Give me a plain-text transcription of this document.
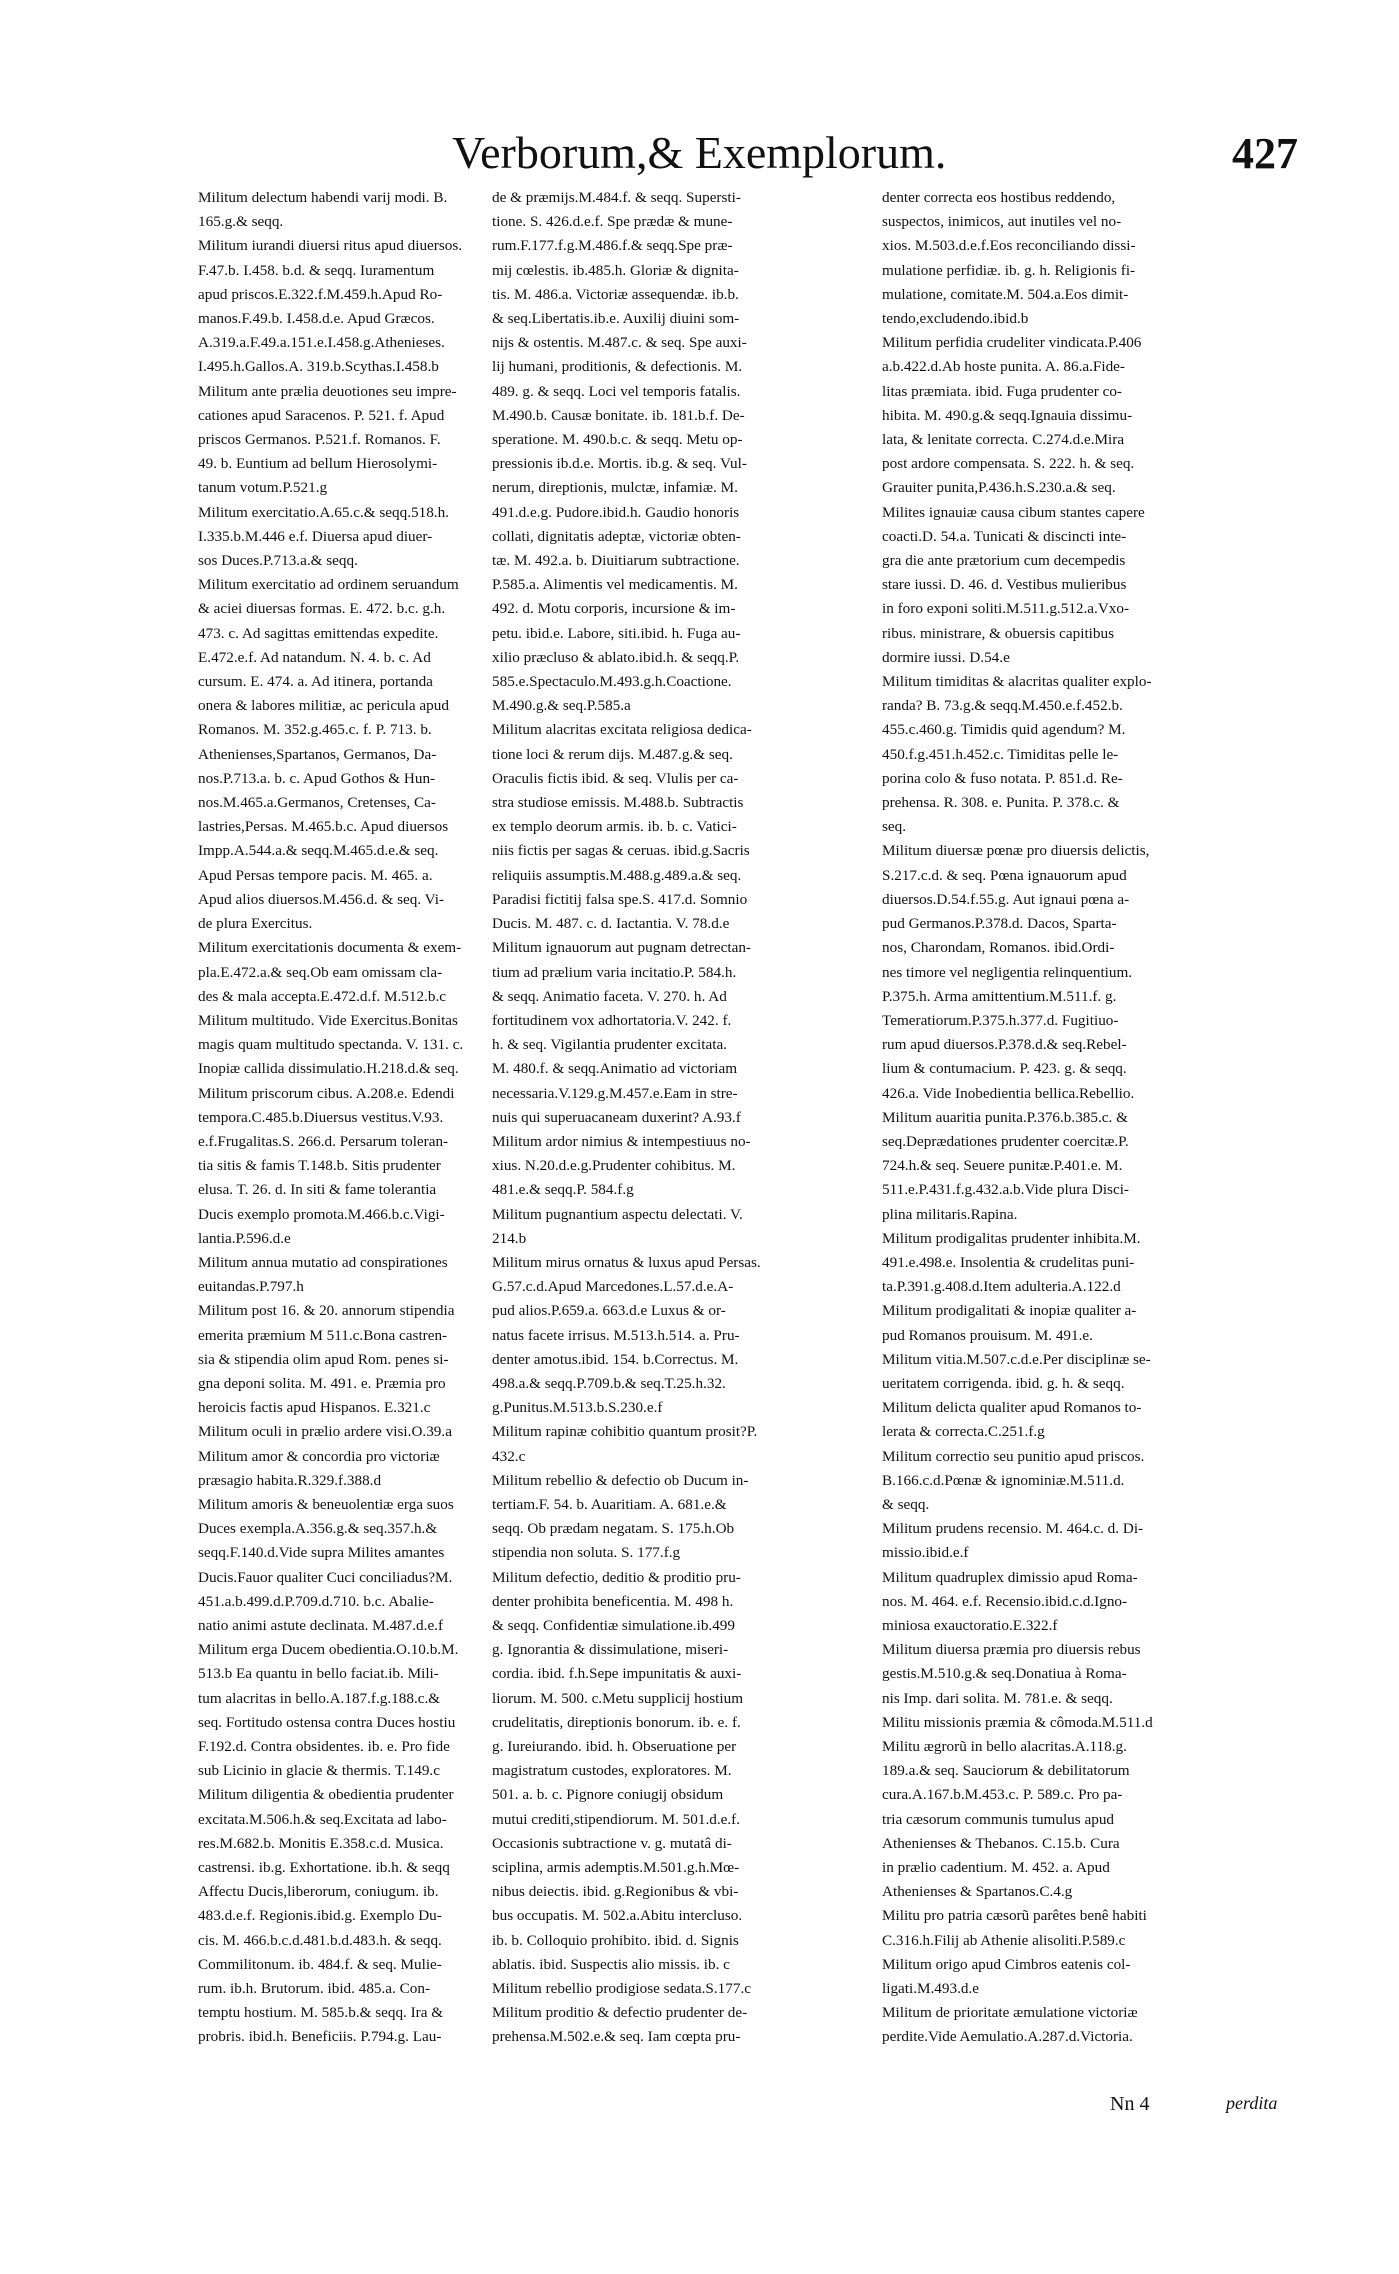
Verborum,& Exemplorum.	427
Militum delectum habendi varij modi. B.
165.g.& seqq.
Militum iurandi diuersi ritus apud diuersos.
F.47.b. I.458. b.d. & seqq. Iuramentum
apud priscos.E.322.f.M.459.h.Apud Ro-
manos.F.49.b. I.458.d.e. Apud Græcos.
A.319.a.F.49.a.151.e.I.458.g.Athenieses.
I.495.h.Gallos.A. 319.b.Scythas.I.458.b
Militum ante prælia deuotiones seu impre-
cationes apud Saracenos. P. 521. f. Apud
priscos Germanos. P.521.f. Romanos. F.
49. b. Euntium ad bellum Hierosolymi-
tanum votum.P.521.g
Militum exercitatio.A.65.c.& seqq.518.h.
I.335.b.M.446 e.f. Diuersa apud diuer-
sos Duces.P.713.a.& seqq.
Militum exercitatio ad ordinem seruandum
& aciei diuersas formas. E. 472. b.c. g.h.
473. c. Ad sagittas emittendas expedite.
E.472.e.f. Ad natandum. N. 4. b. c. Ad
cursum. E. 474. a. Ad itinera, portanda
onera & labores militiæ, ac pericula apud
Romanos. M. 352.g.465.c. f. P. 713. b.
Athenienses,Spartanos, Germanos, Da-
nos.P.713.a. b. c. Apud Gothos & Hun-
nos.M.465.a.Germanos, Cretenses, Ca-
lastries,Persas. M.465.b.c. Apud diuersos
Impp.A.544.a.& seqq.M.465.d.e.& seq.
Apud Persas tempore pacis. M. 465. a.
Apud alios diuersos.M.456.d. & seq. Vi-
de plura Exercitus.
Militum exercitationis documenta & exem-
pla.E.472.a.& seq.Ob eam omissam cla-
des & mala accepta.E.472.d.f. M.512.b.c
Militum multitudo. Vide Exercitus.Bonitas
magis quam multitudo spectanda. V. 131. c.
Inopiæ callida dissimulatio.H.218.d.& seq.
Militum priscorum cibus. A.208.e. Edendi
tempora.C.485.b.Diuersus vestitus.V.93.
e.f.Frugalitas.S. 266.d. Persarum toleran-
tia sitis & famis T.148.b. Sitis prudenter
elusa. T. 26. d. In siti & fame tolerantia
Ducis exemplo promota.M.466.b.c.Vigi-
lantia.P.596.d.e
Militum annua mutatio ad conspirationes
euitandas.P.797.h
Militum post 16. & 20. annorum stipendia
emerita præmium M 511.c.Bona castren-
sia & stipendia olim apud Rom. penes si-
gna deponi solita. M. 491. e. Præmia pro
heroicis factis apud Hispanos. E.321.c
Militum oculi in prælio ardere visi.O.39.a
Militum amor & concordia pro victoriæ
præsagio habita.R.329.f.388.d
Militum amoris & beneuolentiæ erga suos
Duces exempla.A.356.g.& seq.357.h.&
seqq.F.140.d.Vide supra Milites amantes
Ducis.Fauor qualiter Cuci conciliadus?M.
451.a.b.499.d.P.709.d.710. b.c. Abalie-
natio animi astute declinata. M.487.d.e.f
Militum erga Ducem obedientia.O.10.b.M.
513.b Ea quantu in bello faciat.ib. Mili-
tum alacritas in bello.A.187.f.g.188.c.&
seq. Fortitudo ostensa contra Duces hostiu
F.192.d. Contra obsidentes. ib. e. Pro fide
sub Licinio in glacie & thermis. T.149.c
Militum diligentia & obedientia prudenter
excitata.M.506.h.& seq.Excitata ad labo-
res.M.682.b. Monitis E.358.c.d. Musica.
castrensi. ib.g. Exhortatione. ib.h. & seqq
Affectu Ducis,liberorum, coniugum. ib.
483.d.e.f. Regionis.ibid.g. Exemplo Du-
cis. M. 466.b.c.d.481.b.d.483.h. & seqq.
Commilitonum. ib. 484.f. & seq. Mulie-
rum. ib.h. Brutorum. ibid. 485.a. Con-
temptu hostium. M. 585.b.& seqq. Ira &
probris. ibid.h. Beneficiis. P.794.g. Lau-
de & præmijs.M.484.f. & seqq. Supersti-
tione. S. 426.d.e.f. Spe prædæ & mune-
rum.F.177.f.g.M.486.f.& seqq.Spe præ-
mij cœlestis. ib.485.h. Gloriæ & dignita-
tis. M. 486.a. Victoriæ assequendæ. ib.b.
& seq.Libertatis.ib.e. Auxilij diuini som-
nijs & ostentis. M.487.c. & seq. Spe auxi-
lij humani, proditionis, & defectionis. M.
489. g. & seqq. Loci vel temporis fatalis.
M.490.b. Causæ bonitate. ib. 181.b.f. De-
speratione. M. 490.b.c. & seqq. Metu op-
pressionis ib.d.e. Mortis. ib.g. & seq. Vul-
nerum, direptionis, mulctæ, infamiæ. M.
491.d.e.g. Pudore.ibid.h. Gaudio honoris
collati, dignitatis adeptæ, victoriæ obten-
tæ. M. 492.a. b. Diuitiarum subtractione.
P.585.a. Alimentis vel medicamentis. M.
492. d. Motu corporis, incursione & im-
petu. ibid.e. Labore, siti.ibid. h. Fuga au-
xilio præcluso & ablato.ibid.h. & seqq.P.
585.e.Spectaculo.M.493.g.h.Coactione.
M.490.g.& seq.P.585.a
Militum alacritas excitata religiosa dedica-
tione loci & rerum dijs. M.487.g.& seq.
Oraculis fictis ibid. & seq. Vlulis per ca-
stra studiose emissis. M.488.b. Subtractis
ex templo deorum armis. ib. b. c. Vatici-
niis fictis per sagas & ceruas. ibid.g.Sacris
reliquiis assumptis.M.488.g.489.a.& seq.
Paradisi fictitij falsa spe.S. 417.d. Somnio
Ducis. M. 487. c. d. Iactantia. V. 78.d.e
Militum ignauorum aut pugnam detrectan-
tium ad prælium varia incitatio.P. 584.h.
& seqq. Animatio faceta. V. 270. h. Ad
fortitudinem vox adhortatoria.V. 242. f.
h. & seq. Vigilantia prudenter excitata.
M. 480.f. & seqq.Animatio ad victoriam
necessaria.V.129.g.M.457.e.Eam in stre-
nuis qui superuacaneam duxerint? A.93.f
Militum ardor nimius & intempestiuus no-
xius. N.20.d.e.g.Prudenter cohibitus. M.
481.e.& seqq.P. 584.f.g
Militum pugnantium aspectu delectati. V.
214.b
Militum mirus ornatus & luxus apud Persas.
G.57.c.d.Apud Marcedones.L.57.d.e.A-
pud alios.P.659.a. 663.d.e Luxus & or-
natus facete irrisus. M.513.h.514. a. Pru-
denter amotus.ibid. 154. b.Correctus. M.
498.a.& seqq.P.709.b.& seq.T.25.h.32.
g.Punitus.M.513.b.S.230.e.f
Militum rapinæ cohibitio quantum prosit?P.
432.c
Militum rebellio & defectio ob Ducum in-
tertiam.F. 54. b. Auaritiam. A. 681.e.&
seqq. Ob prædam negatam. S. 175.h.Ob
stipendia non soluta. S. 177.f.g
Militum defectio, deditio & proditio pru-
denter prohibita beneficentia. M. 498 h.
& seqq. Confidentiæ simulatione.ib.499
g. Ignorantia & dissimulatione, miseri-
cordia. ibid. f.h.Sepe impunitatis & auxi-
liorum. M. 500. c.Metu supplicij hostium
crudelitatis, direptionis bonorum. ib. e. f.
g. Iureiurando. ibid. h. Obseruatione per
magistratum custodes, exploratores. M.
501. a. b. c. Pignore coniugij obsidum
mutui crediti,stipendiorum. M. 501.d.e.f.
Occasionis subtractione v. g. mutatâ di-
sciplina, armis ademptis.M.501.g.h.Mœ-
nibus deiectis. ibid. g.Regionibus & vbi-
bus occupatis. M. 502.a.Abitu intercluso.
ib. b. Colloquio prohibito. ibid. d. Signis
ablatis. ibid. Suspectis alio missis. ib. c
Militum rebellio prodigiose sedata.S.177.c
Militum proditio & defectio prudenter de-
prehensa.M.502.e.& seq. Iam cœpta pru-
denter correcta eos hostibus reddendo,
suspectos, inimicos, aut inutiles vel no-
xios. M.503.d.e.f.Eos reconciliando dissi-
mulatione perfidiæ. ib. g. h. Religionis fi-
mulatione, comitate.M. 504.a.Eos dimit-
tendo,excludendo.ibid.b
Militum perfidia crudeliter vindicata.P.406
a.b.422.d.Ab hoste punita. A. 86.a.Fide-
litas præmiata. ibid. Fuga prudenter co-
hibita. M. 490.g.& seqq.Ignauia dissimu-
lata, & lenitate correcta. C.274.d.e.Mira
post ardore compensata. S. 222. h. & seq.
Grauiter punita,P.436.h.S.230.a.& seq.
Milites ignauiæ causa cibum stantes capere
coacti.D. 54.a. Tunicati & discincti inte-
gra die ante prætorium cum decempedis
stare iussi. D. 46. d. Vestibus mulieribus
in foro exponi soliti.M.511.g.512.a.Vxo-
ribus. ministrare, & obuersis capitibus
dormire iussi. D.54.e
Militum timiditas & alacritas qualiter explo-
randa? B. 73.g.& seqq.M.450.e.f.452.b.
455.c.460.g. Timidis quid agendum? M.
450.f.g.451.h.452.c. Timiditas pelle le-
porina colo & fuso notata. P. 851.d. Re-
prehensa. R. 308. e. Punita. P. 378.c. &
seq.
Militum diuersæ pœnæ pro diuersis delictis,
S.217.c.d. & seq. Pœna ignauorum apud
diuersos.D.54.f.55.g. Aut ignaui pœna a-
pud Germanos.P.378.d. Dacos, Sparta-
nos, Charondam, Romanos. ibid.Ordi-
nes timore vel negligentia relinquentium.
P.375.h. Arma amittentium.M.511.f. g.
Temeratiorum.P.375.h.377.d. Fugitiuo-
rum apud diuersos.P.378.d.& seq.Rebel-
lium & contumacium. P. 423. g. & seqq.
426.a. Vide Inobedientia bellica.Rebellio.
Militum auaritia punita.P.376.b.385.c. &
seq.Deprædationes prudenter coercitæ.P.
724.h.& seq. Seuere punitæ.P.401.e. M.
511.e.P.431.f.g.432.a.b.Vide plura Disci-
plina militaris.Rapina.
Militum prodigalitas prudenter inhibita.M.
491.e.498.e. Insolentia & crudelitas puni-
ta.P.391.g.408.d.Item adulteria.A.122.d
Militum prodigalitati & inopiæ qualiter a-
pud Romanos prouisum. M. 491.e.
Militum vitia.M.507.c.d.e.Per disciplinæ se-
ueritatem corrigenda. ibid. g. h. & seqq.
Militum delicta qualiter apud Romanos to-
lerata & correcta.C.251.f.g
Militum correctio seu punitio apud priscos.
B.166.c.d.Pœnæ & ignominiæ.M.511.d.
& seqq.
Militum prudens recensio. M. 464.c. d. Di-
missio.ibid.e.f
Militum quadruplex dimissio apud Roma-
nos. M. 464. e.f. Recensio.ibid.c.d.Igno-
miniosa exauctoratio.E.322.f
Militum diuersa præmia pro diuersis rebus
gestis.M.510.g.& seq.Donatiua à Roma-
nis Imp. dari solita. M. 781.e. & seqq.
Militu missionis præmia & cômoda.M.511.d
Militu ægrorũ in bello alacritas.A.118.g.
189.a.& seq. Sauciorum & debilitatorum
cura.A.167.b.M.453.c. P. 589.c. Pro pa-
tria cæsorum communis tumulus apud
Athenienses & Thebanos. C.15.b. Cura
in prælio cadentium. M. 452. a. Apud
Athenienses & Spartanos.C.4.g
Militu pro patria cæsorũ parêtes benê habiti
C.316.h.Filij ab Athenie alisoliti.P.589.c
Militum origo apud Cimbros eatenis col-
ligati.M.493.d.e
Militum de prioritate æmulatione victoriæ
perdite.Vide Aemulatio.A.287.d.Victoria.
Nn 4	perdita
